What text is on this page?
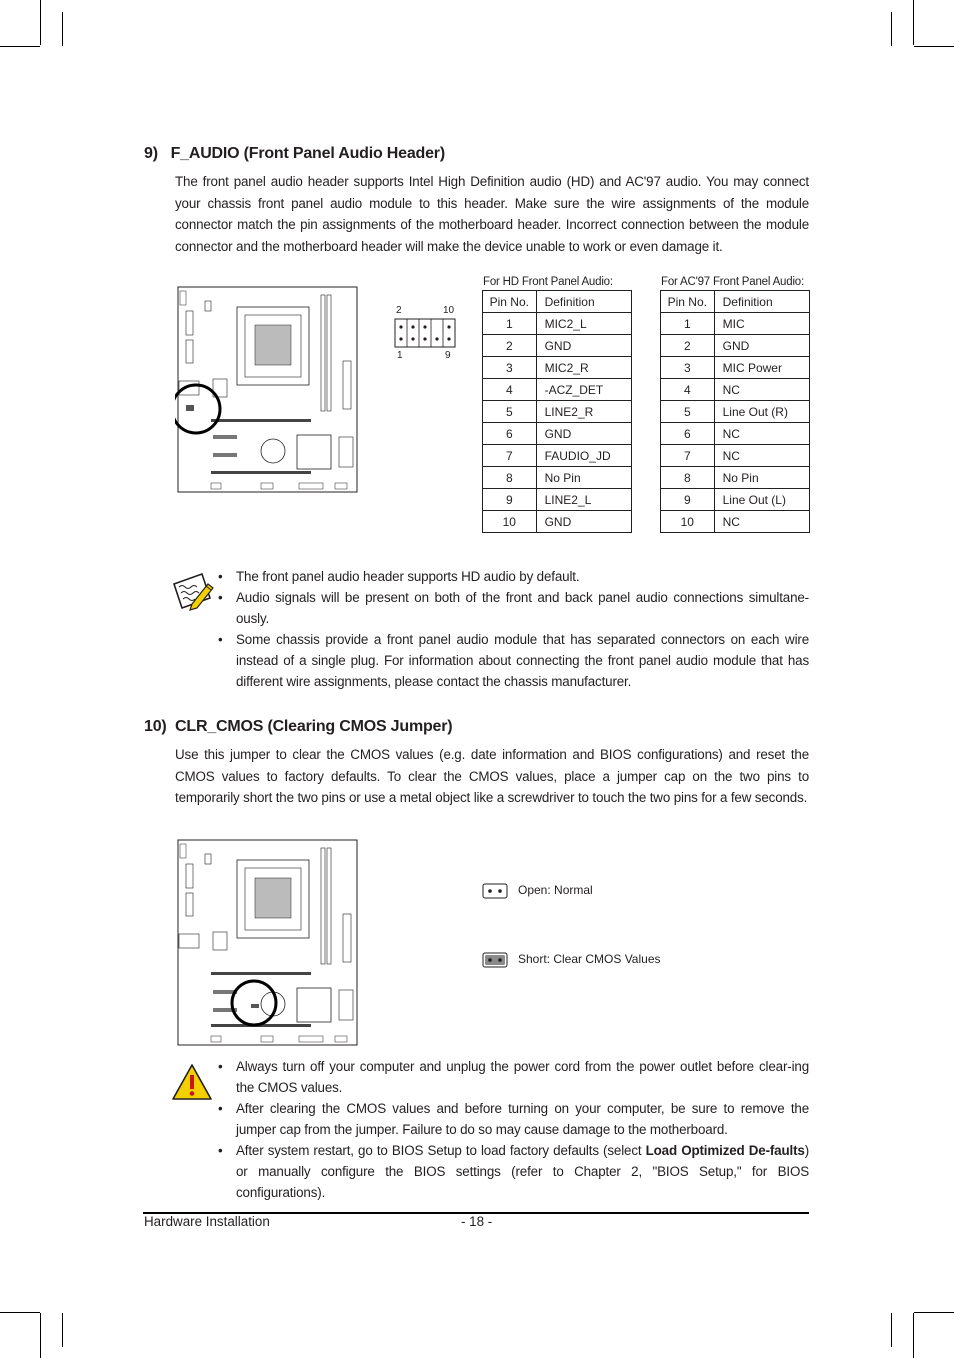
9)   F_AUDIO (Front Panel Audio Header)
The front panel audio header supports Intel High Definition audio (HD) and AC'97 audio. You may connect your chassis front panel audio module to this header. Make sure the wire assignments of the module connector match the pin assignments of the motherboard header. Incorrect connection between the module connector and the motherboard header will make the device unable to work or even damage it.
2	10
1	9
For HD Front Panel Audio:
Pin No.	Definition
1	MIC2_L
2	GND
3	MIC2_R
4	-ACZ_DET
5	LINE2_R
6	GND
7	FAUDIO_JD
8	No Pin
9	LINE2_L
10	GND
For AC'97 Front Panel Audio:
Pin No.	Definition
1	MIC
2	GND
3	MIC Power
4	NC
5	Line Out (R)
6	NC
7	NC
8	No Pin
9	Line Out (L)
10	NC
• The front panel audio header supports HD audio by default.
• Audio signals will be present on both of the front and back panel audio connections simultane-ously.
• Some chassis provide a front panel audio module that has separated connectors on each wire instead of a single plug. For information about connecting the front panel audio module that has different wire assignments, please contact the chassis manufacturer.
10)  CLR_CMOS (Clearing CMOS Jumper)
Use this jumper to clear the CMOS values (e.g. date information and BIOS configurations) and reset the CMOS values to factory defaults. To clear the CMOS values, place a jumper cap on the two pins to temporarily short the two pins or use a metal object like a screwdriver to touch the two pins for a few seconds.
Open: Normal
Short: Clear CMOS Values
• Always turn off your computer and unplug the power cord from the power outlet before clear-ing the CMOS values.
• After clearing the CMOS values and before turning on your computer, be sure to remove the jumper cap from the jumper. Failure to do so may cause damage to the motherboard.
• After system restart, go to BIOS Setup to load factory defaults (select Load Optimized De-faults) or manually configure the BIOS settings (refer to Chapter 2, "BIOS Setup," for BIOS configurations).
Hardware Installation	- 18 -
